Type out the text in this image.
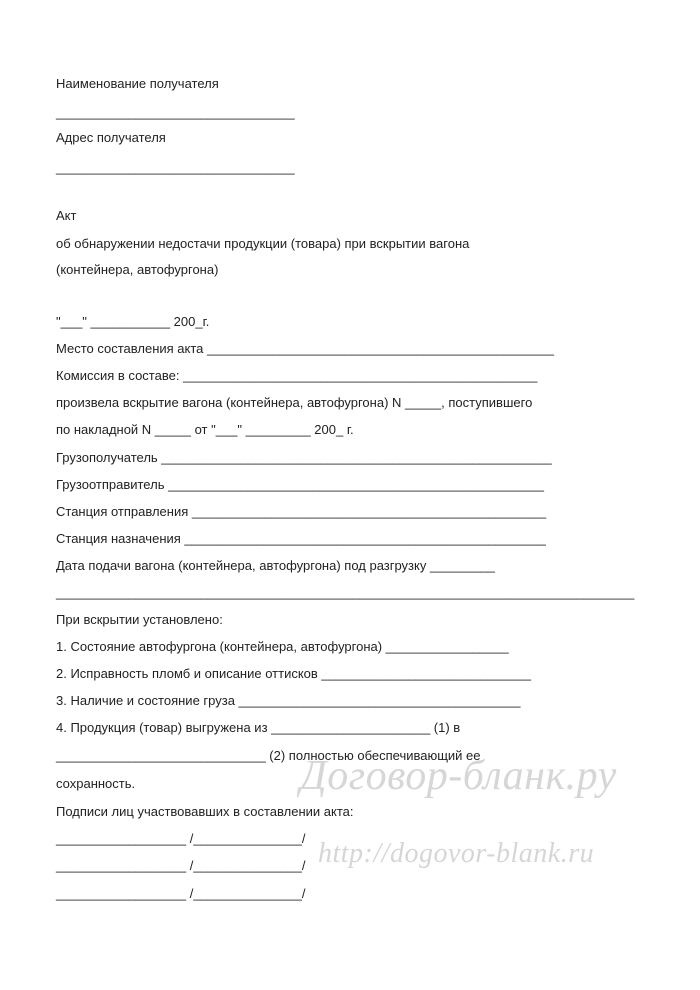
Наименование получателя
_________________________________
Адрес получателя
_________________________________
Акт
об обнаружении недостачи продукции (товара) при вскрытии вагона
(контейнера, автофургона)
"___" ___________ 200_г.
Место составления акта ________________________________________________
Комиссия в составе: _________________________________________________
произвела вскрытие вагона (контейнера, автофургона) N _____, поступившего
по накладной N _____ от "___" _________ 200_ г.
Грузополучатель ______________________________________________________
Грузоотправитель ____________________________________________________
Станция отправления _________________________________________________
Станция назначения __________________________________________________
Дата подачи вагона (контейнера, автофургона) под разгрузку _________
________________________________________________________________________________
При вскрытии установлено:
1. Состояние автофургона (контейнера, автофургона) _________________
2. Исправность пломб и описание оттисков _____________________________
3. Наличие и состояние груза _______________________________________
4. Продукция (товар) выгружена из ______________________ (1) в
_____________________________ (2) полностью обеспечивающий ее
сохранность.
Подписи лиц участвовавших в составлении акта:
__________________ /_______________/
__________________ /_______________/
__________________ /_______________/
Договор-бланк.ру
http://dogovor-blank.ru
